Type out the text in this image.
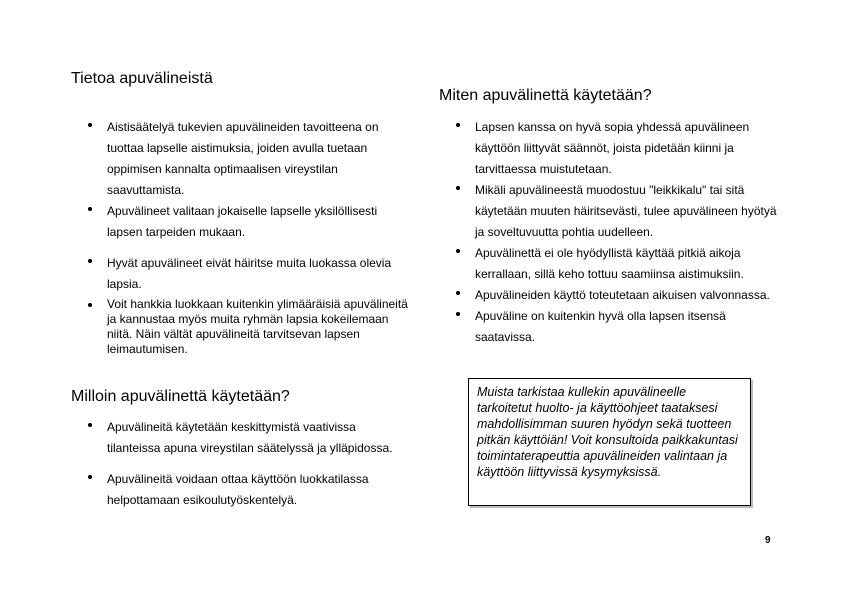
Tietoa apuvälineistä
Aistisäätelyä tukevien apuvälineiden tavoitteena on tuottaa lapselle aistimuksia, joiden avulla tuetaan oppimisen kannalta optimaalisen vireystilan saavuttamista.
Apuvälineet valitaan jokaiselle lapselle yksilöllisesti lapsen tarpeiden mukaan.
Hyvät apuvälineet eivät häiritse muita luokassa olevia lapsia.
Voit hankkia luokkaan kuitenkin ylimääräisiä apuvälineitä ja kannustaa myös muita ryhmän lapsia kokeilemaan niitä. Näin vältät apuvälineitä tarvitsevan lapsen leimautumisen.
Milloin apuvälinettä käytetään?
Apuvälineitä käytetään keskittymistä vaativissa tilanteissa apuna vireystilan säätelyssä ja ylläpidossa.
Apuvälineitä voidaan ottaa käyttöön luokkatilassa helpottamaan esikoulutyöskentelyä.
Miten apuvälinettä käytetään?
Lapsen kanssa on hyvä sopia yhdessä apuvälineen käyttöön liittyvät säännöt, joista pidetään kiinni ja tarvittaessa muistutetaan.
Mikäli apuvälineestä muodostuu "leikkikalu" tai sitä käytetään muuten häiritsevästi, tulee apuvälineen hyötyä ja soveltuvuutta pohtia uudelleen.
Apuvälinettä ei ole hyödyllistä käyttää pitkiä aikoja kerrallaan, sillä keho tottuu saamiinsa aistimuksiin.
Apuvälineiden käyttö toteutetaan aikuisen valvonnassa.
Apuväline on kuitenkin hyvä olla lapsen itsensä saatavissa.
Muista tarkistaa kullekin apuvälineelle tarkoitetut huolto- ja käyttöohjeet taataksesi mahdollisimman suuren hyödyn sekä tuotteen pitkän käyttöiän! Voit konsultoida paikkakuntasi toimintaterapeuttia apuvälineiden valintaan ja käyttöön liittyvissä kysymyksissä.
9
